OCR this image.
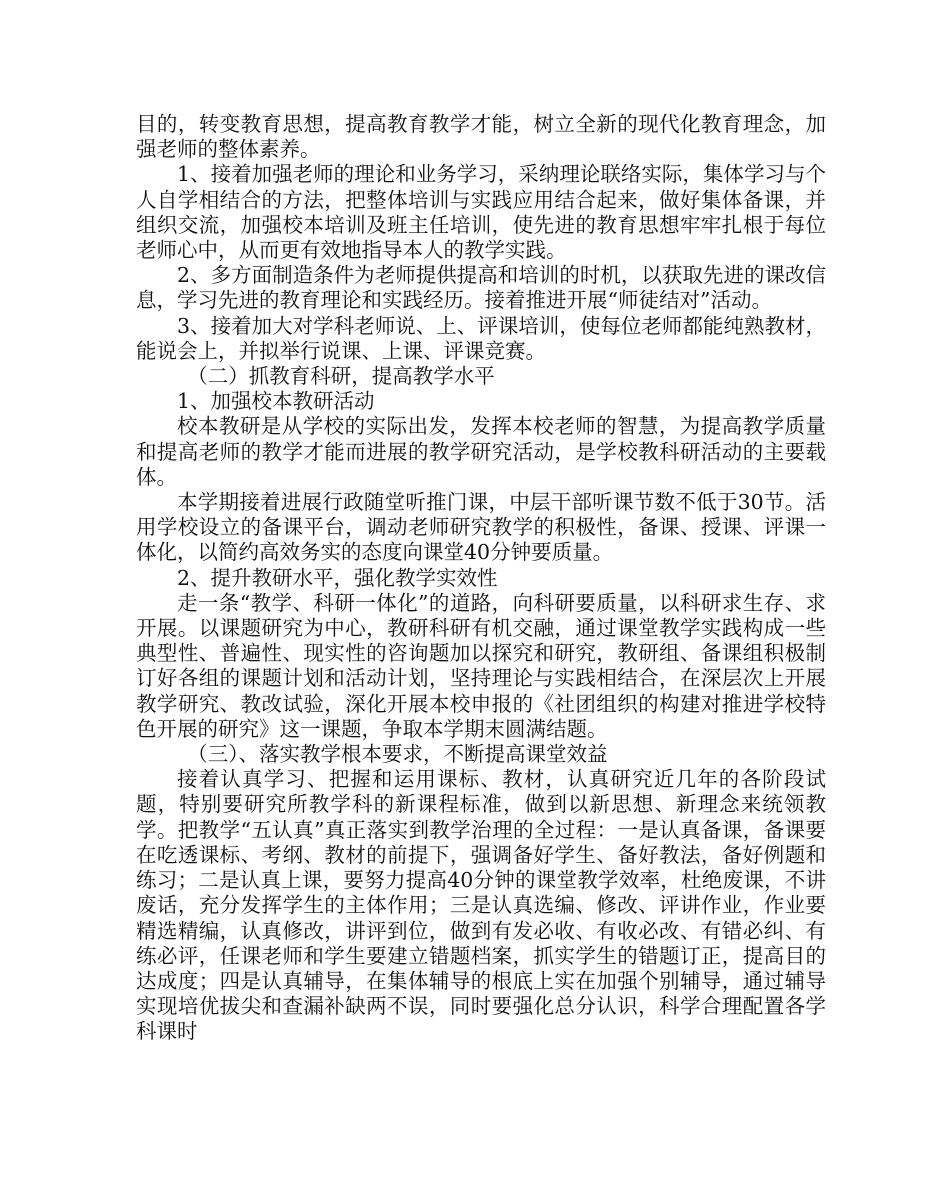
目的，转变教育思想，提高教育教学才能，树立全新的现代化教育理念，加强老师的整体素养。

1、接着加强老师的理论和业务学习，采纳理论联络实际，集体学习与个人自学相结合的方法，把整体培训与实践应用结合起来，做好集体备课，并组织交流，加强校本培训及班主任培训，使先进的教育思想牢牢扎根于每位老师心中，从而更有效地指导本人的教学实践。

2、多方面制造条件为老师提供提高和培训的时机，以获取先进的课改信息，学习先进的教育理论和实践经历。接着推进开展“师徒结对”活动。

3、接着加大对学科老师说、上、评课培训，使每位老师都能纯熟教材，能说会上，并拟举行说课、上课、评课竞赛。

（二）抓教育科研，提高教学水平

1、加强校本教研活动

校本教研是从学校的实际出发，发挥本校老师的智慧，为提高教学质量和提高老师的教学才能而进展的教学研究活动，是学校教科研活动的主要载体。

本学期接着进展行政随堂听推门课，中层干部听课节数不低于30节。活用学校设立的备课平台，调动老师研究教学的积极性，备课、授课、评课一体化，以简约高效务实的态度向课堂40分钟要质量。

2、提升教研水平，强化教学实效性

走一条“教学、科研一体化”的道路，向科研要质量，以科研求生存、求开展。以课题研究为中心，教研科研有机交融，通过课堂教学实践构成一些典型性、普遍性、现实性的咨询题加以探究和研究，教研组、备课组积极制订好各组的课题计划和活动计划，坚持理论与实践相结合，在深层次上开展教学研究、教改试验，深化开展本校申报的《社团组织的构建对推进学校特色开展的研究》这一课题，争取本学期末圆满结题。

（三）、落实教学根本要求，不断提高课堂效益

接着认真学习、把握和运用课标、教材，认真研究近几年的各阶段试题，特别要研究所教学科的新课程标准，做到以新思想、新理念来统领教学。把教学“五认真”真正落实到教学治理的全过程：一是认真备课，备课要在吃透课标、考纲、教材的前提下，强调备好学生、备好教法，备好例题和练习；二是认真上课，要努力提高40分钟的课堂教学效率，杜绝废课，不讲废话，充分发挥学生的主体作用；三是认真选编、修改、评讲作业，作业要精选精编，认真修改，讲评到位，做到有发必收、有收必改、有错必纠、有练必评，任课老师和学生要建立错题档案，抓实学生的错题订正，提高目的达成度；四是认真辅导，在集体辅导的根底上实在加强个别辅导，通过辅导实现培优拔尖和查漏补缺两不误，同时要强化总分认识，科学合理配置各学科课时
